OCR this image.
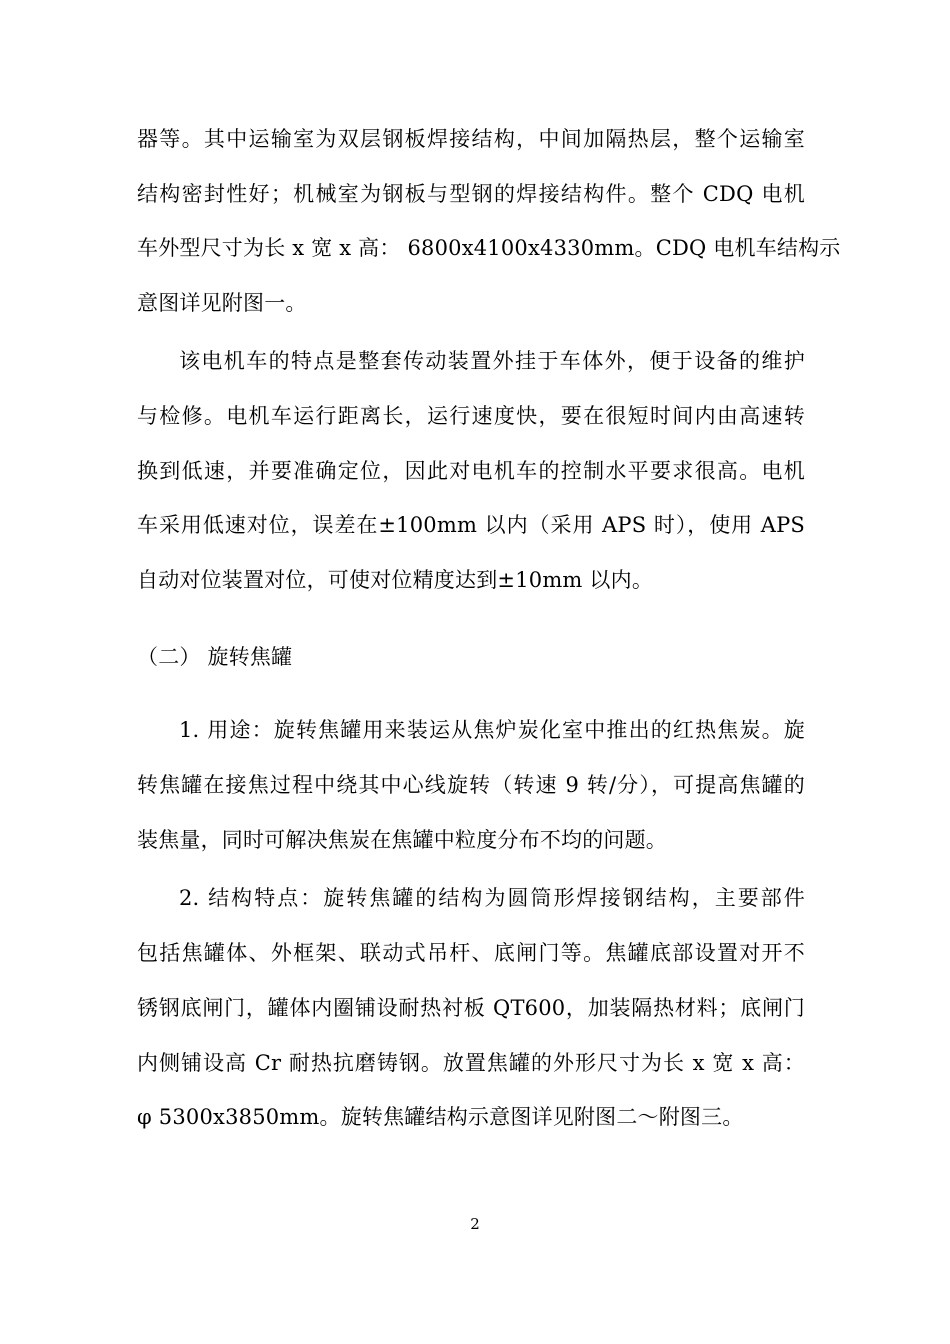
器等。其中运输室为双层钢板焊接结构，中间加隔热层，整个运输室
结构密封性好；机械室为钢板与型钢的焊接结构件。整个 CDQ 电机
车外型尺寸为长 x 宽 x 高： 6800x4100x4330mm。CDQ 电机车结构示
意图详见附图一。
该电机车的特点是整套传动装置外挂于车体外，便于设备的维护
与检修。电机车运行距离长，运行速度快，要在很短时间内由高速转
换到低速，并要准确定位，因此对电机车的控制水平要求很高。电机
车采用低速对位，误差在±100mm 以内（采用 APS 时），使用 APS
自动对位装置对位，可使对位精度达到±10mm 以内。
（二） 旋转焦罐
1. 用途：旋转焦罐用来装运从焦炉炭化室中推出的红热焦炭。旋
转焦罐在接焦过程中绕其中心线旋转（转速 9 转/分），可提高焦罐的
装焦量，同时可解决焦炭在焦罐中粒度分布不均的问题。
2. 结构特点：旋转焦罐的结构为圆筒形焊接钢结构，主要部件
包括焦罐体、外框架、联动式吊杆、底闸门等。焦罐底部设置对开不
锈钢底闸门，罐体内圈铺设耐热衬板 QT600，加装隔热材料；底闸门
内侧铺设高 Cr 耐热抗磨铸钢。放置焦罐的外形尺寸为长 x 宽 x 高：
φ 5300x3850mm。旋转焦罐结构示意图详见附图二～附图三。
2
